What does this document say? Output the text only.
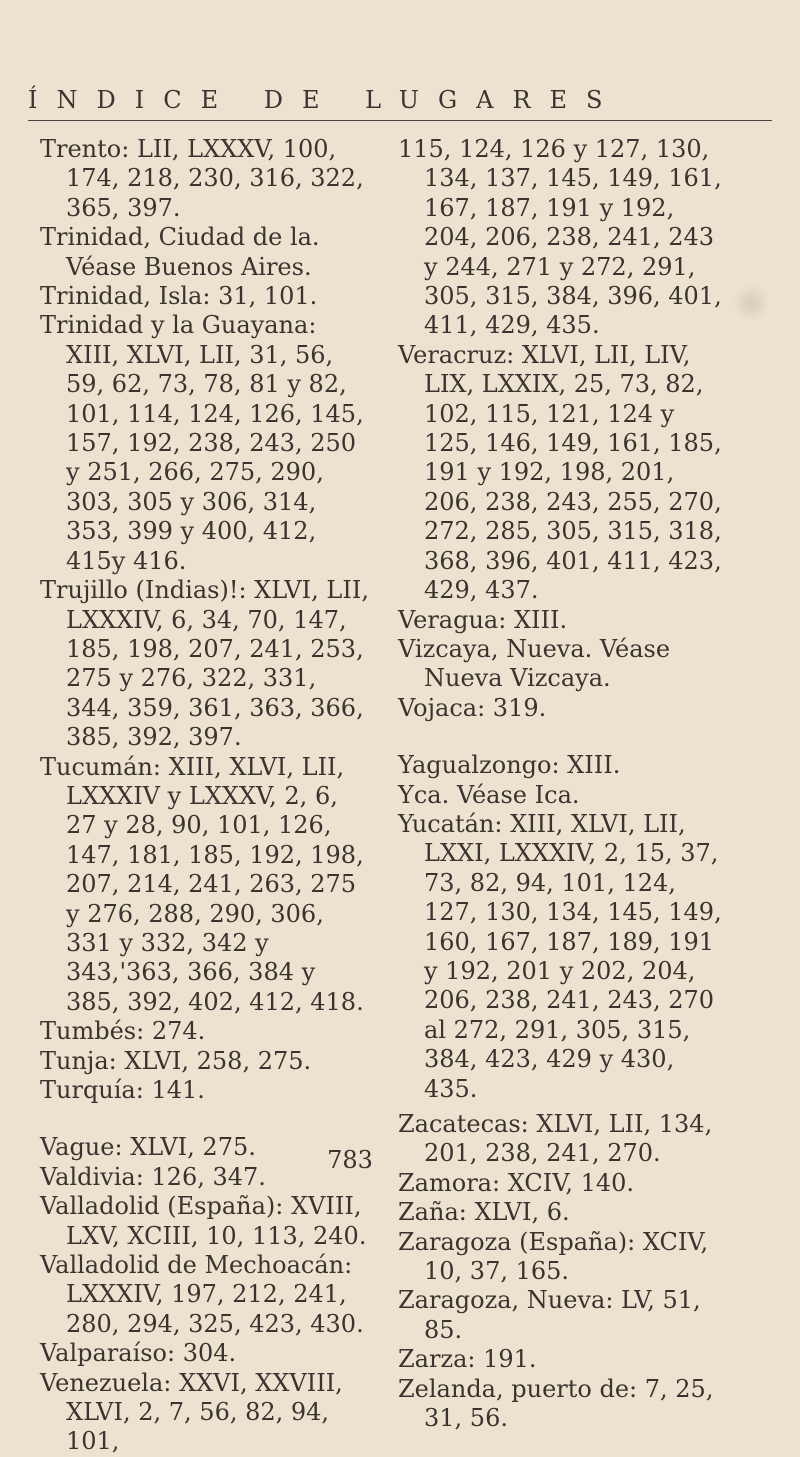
ÍNDICE DE LUGARES

Trento: LII, LXXXV, 100, 174, 218, 230, 316, 322, 365, 397.

Trinidad, Ciudad de la. Véase Buenos Aires.

Trinidad, Isla: 31, 101.

Trinidad y la Guayana: XIII, XLVI, LII, 31, 56, 59, 62, 73, 78, 81 y 82, 101, 114, 124, 126, 145, 157, 192, 238, 243, 250 y 251, 266, 275, 290, 303, 305 y 306, 314, 353, 399 y 400, 412, 415y 416.

Trujillo (Indias)!: XLVI, LII, LXXXIV, 6, 34, 70, 147, 185, 198, 207, 241, 253, 275 y 276, 322, 331, 344, 359, 361, 363, 366, 385, 392, 397.

Tucumán: XIII, XLVI, LII, LXXXIV y LXXXV, 2, 6, 27 y 28, 90, 101, 126, 147, 181, 185, 192, 198, 207, 214, 241, 263, 275 y 276, 288, 290, 306, 331 y 332, 342 y 343,'363, 366, 384 y 385, 392, 402, 412, 418.

Tumbés: 274.

Tunja: XLVI, 258, 275.

Turquía: 141.

Vague: XLVI, 275.

Valdivia: 126, 347.

Valladolid (España): XVIII, LXV, XCIII, 10, 113, 240.

Valladolid de Mechoacán: LXXXIV, 197, 212, 241, 280, 294, 325, 423, 430.

Valparaíso: 304.

Venezuela: XXVI, XXVIII, XLVI, 2, 7, 56, 82, 94, 101,

115, 124, 126 y 127, 130, 134, 137, 145, 149, 161, 167, 187, 191 y 192, 204, 206, 238, 241, 243 y 244, 271 y 272, 291, 305, 315, 384, 396, 401, 411, 429, 435.

Veracruz: XLVI, LII, LIV, LIX, LXXIX, 25, 73, 82, 102, 115, 121, 124 y 125, 146, 149, 161, 185, 191 y 192, 198, 201, 206, 238, 243, 255, 270, 272, 285, 305, 315, 318, 368, 396, 401, 411, 423, 429, 437.

Veragua: XIII.

Vizcaya, Nueva. Véase Nueva Vizcaya.

Vojaca: 319.

Yagualzongo: XIII.

Yca. Véase Ica.

Yucatán: XIII, XLVI, LII, LXXI, LXXXIV, 2, 15, 37, 73, 82, 94, 101, 124, 127, 130, 134, 145, 149, 160, 167, 187, 189, 191 y 192, 201 y 202, 204, 206, 238, 241, 243, 270 al 272, 291, 305, 315, 384, 423, 429 y 430, 435.

Zacatecas: XLVI, LII, 134, 201, 238, 241, 270.

Zamora: XCIV, 140.

Zaña: XLVI, 6.

Zaragoza (España): XCIV, 10, 37, 165.

Zaragoza, Nueva: LV, 51, 85.

Zarza: 191.

Zelanda, puerto de: 7, 25, 31, 56.

783
